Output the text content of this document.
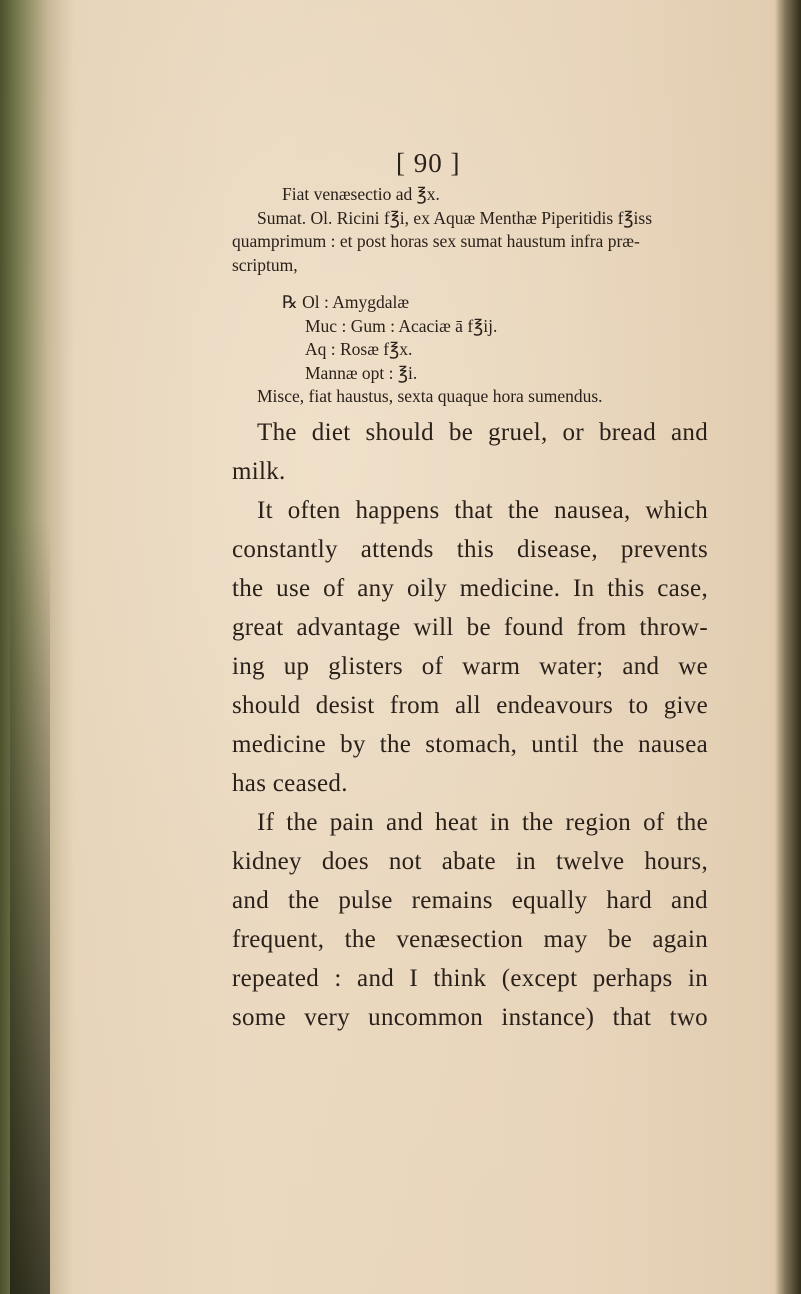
[ 90 ]

Fiat venæsectio ad ℥x.

Sumat. Ol. Ricini f℥i, ex Aquæ Menthæ Piperitidis f℥iss

quamprimum : et post horas sex sumat haustum infra præ-

scriptum,

℞ Ol : Amygdalæ
Muc : Gum : Acaciæ ā f℥ij.
Aq : Rosæ f℥x.
Mannæ opt : ℥i.
Misce, fiat haustus, sexta quaque hora sumendus.
The diet should be gruel, or bread and
milk.
It often happens that the nausea, which
constantly attends this disease, prevents
the use of any oily medicine. In this case,
great advantage will be found from throw-
ing up glisters of warm water; and we
should desist from all endeavours to give
medicine by the stomach, until the nausea
has ceased.
If the pain and heat in the region of the
kidney does not abate in twelve hours,
and the pulse remains equally hard and
frequent, the venæsection may be again
repeated : and I think (except perhaps in
some very uncommon instance) that two
